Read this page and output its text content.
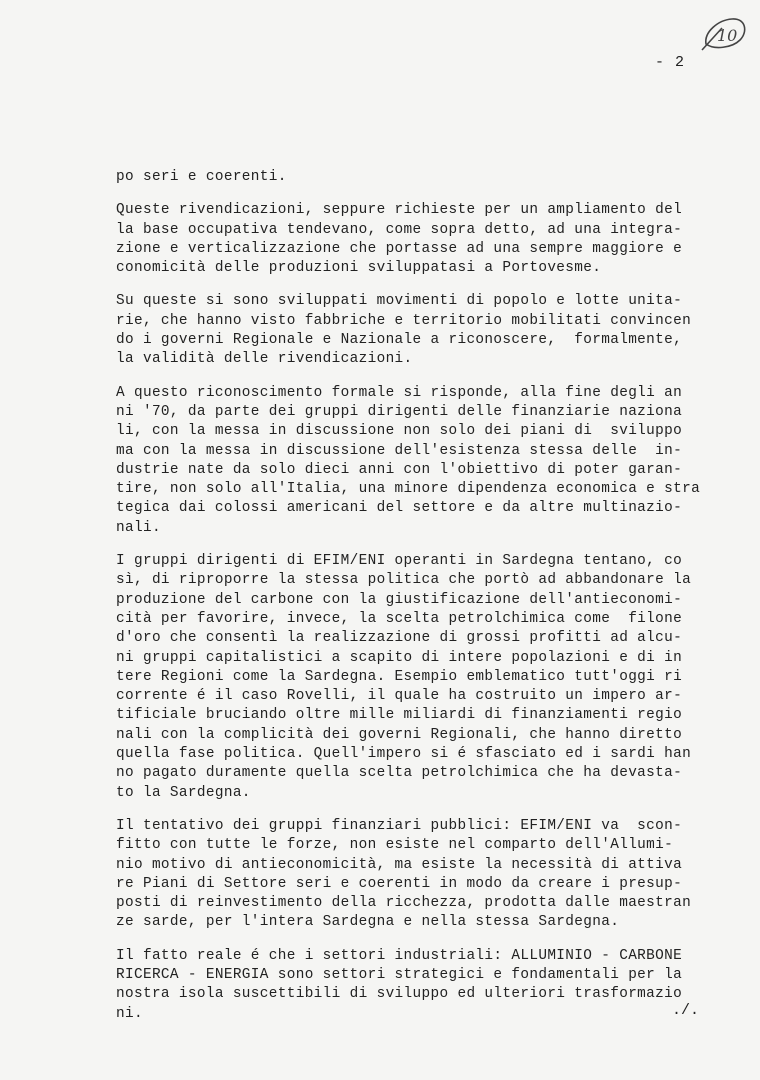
10
- 2
po seri e coerenti.
Queste rivendicazioni, seppure richieste per un ampliamento del
la base occupativa tendevano, come sopra detto, ad una integra-
zione e verticalizzazione che portasse ad una sempre maggiore e
conomicità delle produzioni sviluppatasi a Portovesme.
Su queste si sono sviluppati movimenti di popolo e lotte unita-
rie, che hanno visto fabbriche e territorio mobilitati convincen
do i governi Regionale e Nazionale a riconoscere,  formalmente,
la validità delle rivendicazioni.
A questo riconoscimento formale si risponde, alla fine degli an
ni '70, da parte dei gruppi dirigenti delle finanziarie naziona
li, con la messa in discussione non solo dei piani di  sviluppo
ma con la messa in discussione dell'esistenza stessa delle  in-
dustrie nate da solo dieci anni con l'obiettivo di poter garan-
tire, non solo all'Italia, una minore dipendenza economica e stra
tegica dai colossi americani del settore e da altre multinazio-
nali.
I gruppi dirigenti di EFIM/ENI operanti in Sardegna tentano, co
sì, di riproporre la stessa politica che portò ad abbandonare la
produzione del carbone con la giustificazione dell'antieconomi-
cità per favorire, invece, la scelta petrolchimica come  filone
d'oro che consentì la realizzazione di grossi profitti ad alcu-
ni gruppi capitalistici a scapito di intere popolazioni e di in
tere Regioni come la Sardegna. Esempio emblematico tutt'oggi ri
corrente é il caso Rovelli, il quale ha costruito un impero ar-
tificiale bruciando oltre mille miliardi di finanziamenti regio
nali con la complicità dei governi Regionali, che hanno diretto
quella fase politica. Quell'impero si é sfasciato ed i sardi han
no pagato duramente quella scelta petrolchimica che ha devasta-
to la Sardegna.
Il tentativo dei gruppi finanziari pubblici: EFIM/ENI va  scon-
fitto con tutte le forze, non esiste nel comparto dell'Allumi-
nio motivo di antieconomicità, ma esiste la necessità di attiva
re Piani di Settore seri e coerenti in modo da creare i presup-
posti di reinvestimento della ricchezza, prodotta dalle maestran
ze sarde, per l'intera Sardegna e nella stessa Sardegna.
Il fatto reale é che i settori industriali: ALLUMINIO - CARBONE
RICERCA - ENERGIA sono settori strategici e fondamentali per la
nostra isola suscettibili di sviluppo ed ulteriori trasformazio
ni.	./.
